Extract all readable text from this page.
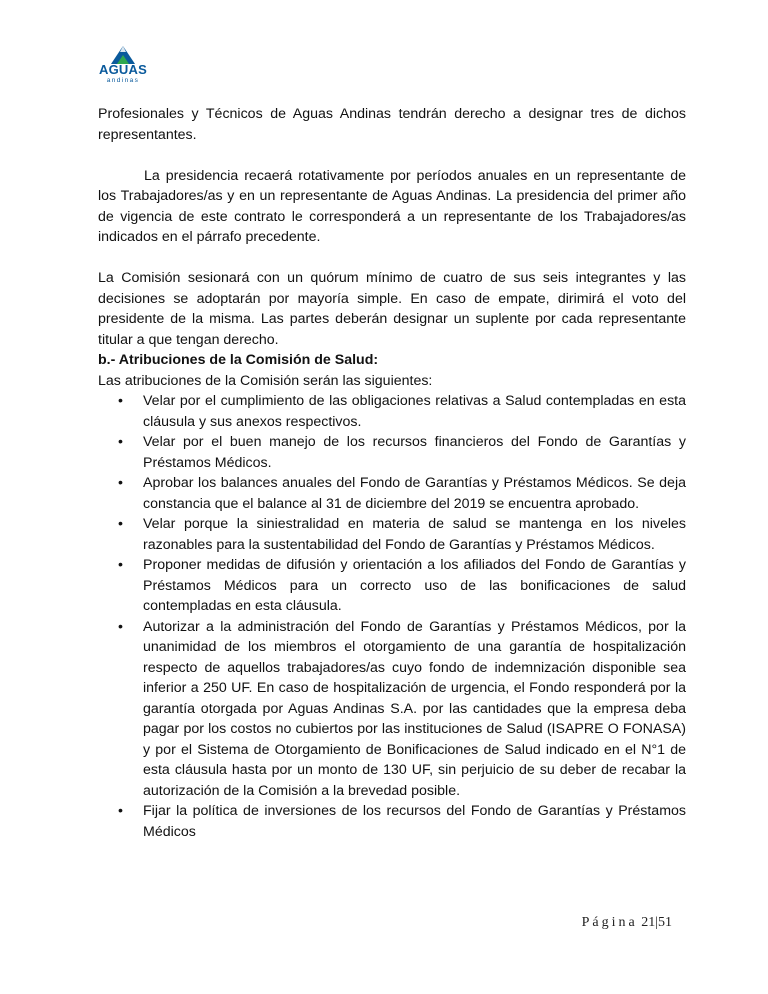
AGUAS
andinas

Profesionales y Técnicos de Aguas Andinas tendrán derecho a designar tres de dichos representantes.

La presidencia recaerá rotativamente por períodos anuales en un representante de los Trabajadores/as y en un representante de Aguas Andinas. La presidencia del primer año de vigencia de este contrato le corresponderá a un representante de los Trabajadores/as indicados en el párrafo precedente.

La Comisión sesionará con un quórum mínimo de cuatro de sus seis integrantes y las decisiones se adoptarán por mayoría simple. En caso de empate, dirimirá el voto del presidente de la misma. Las partes deberán designar un suplente por cada representante titular a que tengan derecho.

b.- Atribuciones de la Comisión de Salud:

Las atribuciones de la Comisión serán las siguientes:

• Velar por el cumplimiento de las obligaciones relativas a Salud contempladas en esta cláusula y sus anexos respectivos.
• Velar por el buen manejo de los recursos financieros del Fondo de Garantías y Préstamos Médicos.
• Aprobar los balances anuales del Fondo de Garantías y Préstamos Médicos. Se deja constancia que el balance al 31 de diciembre del 2019 se encuentra aprobado.
• Velar porque la siniestralidad en materia de salud se mantenga en los niveles razonables para la sustentabilidad del Fondo de Garantías y Préstamos Médicos.
• Proponer medidas de difusión y orientación a los afiliados del Fondo de Garantías y Préstamos Médicos para un correcto uso de las bonificaciones de salud contempladas en esta cláusula.
• Autorizar a la administración del Fondo de Garantías y Préstamos Médicos, por la unanimidad de los miembros el otorgamiento de una garantía de hospitalización respecto de aquellos trabajadores/as cuyo fondo de indemnización disponible sea inferior a 250 UF. En caso de hospitalización de urgencia, el Fondo responderá por la garantía otorgada por Aguas Andinas S.A. por las cantidades que la empresa deba pagar por los costos no cubiertos por las instituciones de Salud (ISAPRE O FONASA) y por el Sistema de Otorgamiento de Bonificaciones de Salud indicado en el N°1 de esta cláusula hasta por un monto de 130 UF, sin perjuicio de su deber de recabar la autorización de la Comisión a la brevedad posible.
• Fijar la política de inversiones de los recursos del Fondo de Garantías y Préstamos Médicos
Página 21|51
